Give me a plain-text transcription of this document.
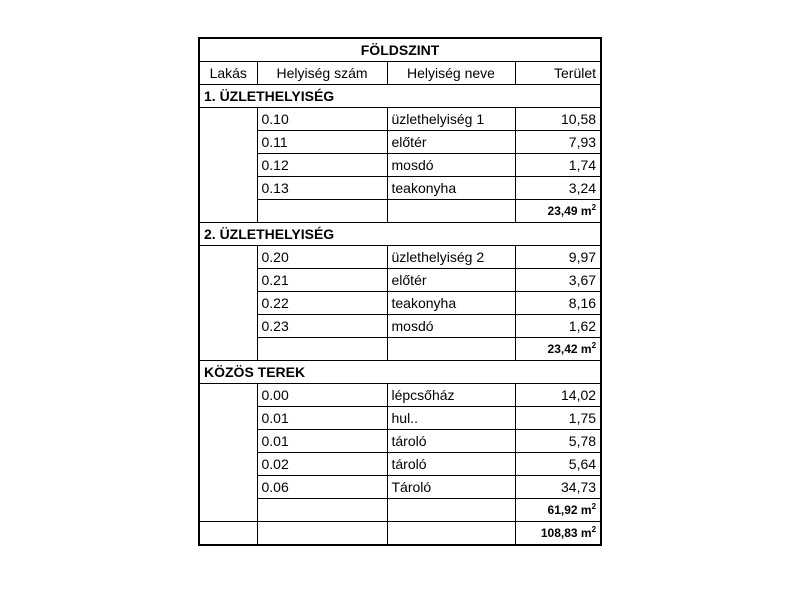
FÖLDSZINT			
Lakás	Helyiség szám	Helyiség neve	Terület
1. ÜZLETHELYISÉG			
	0.10	üzlethelyiség 1	10,58
	0.11	előtér	7,93
	0.12	mosdó	1,74
	0.13	teakonyha	3,24
			23,49 $m^2$
2. ÜZLETHELYISÉG			
	0.20	üzlethelyiség 2	9,97
	0.21	előtér	3,67
	0.22	teakonyha	8,16
	0.23	mosdó	1,62
			23,42 $m^2$
KÖZÖS TEREK			
	0.00	lépcsőház	14,02
	0.01	hul..	1,75
	0.01	tároló	5,78
	0.02	tároló	5,64
	0.06	Tároló	34,73
			61,92 $m^2$
			108,83 $m^2$
